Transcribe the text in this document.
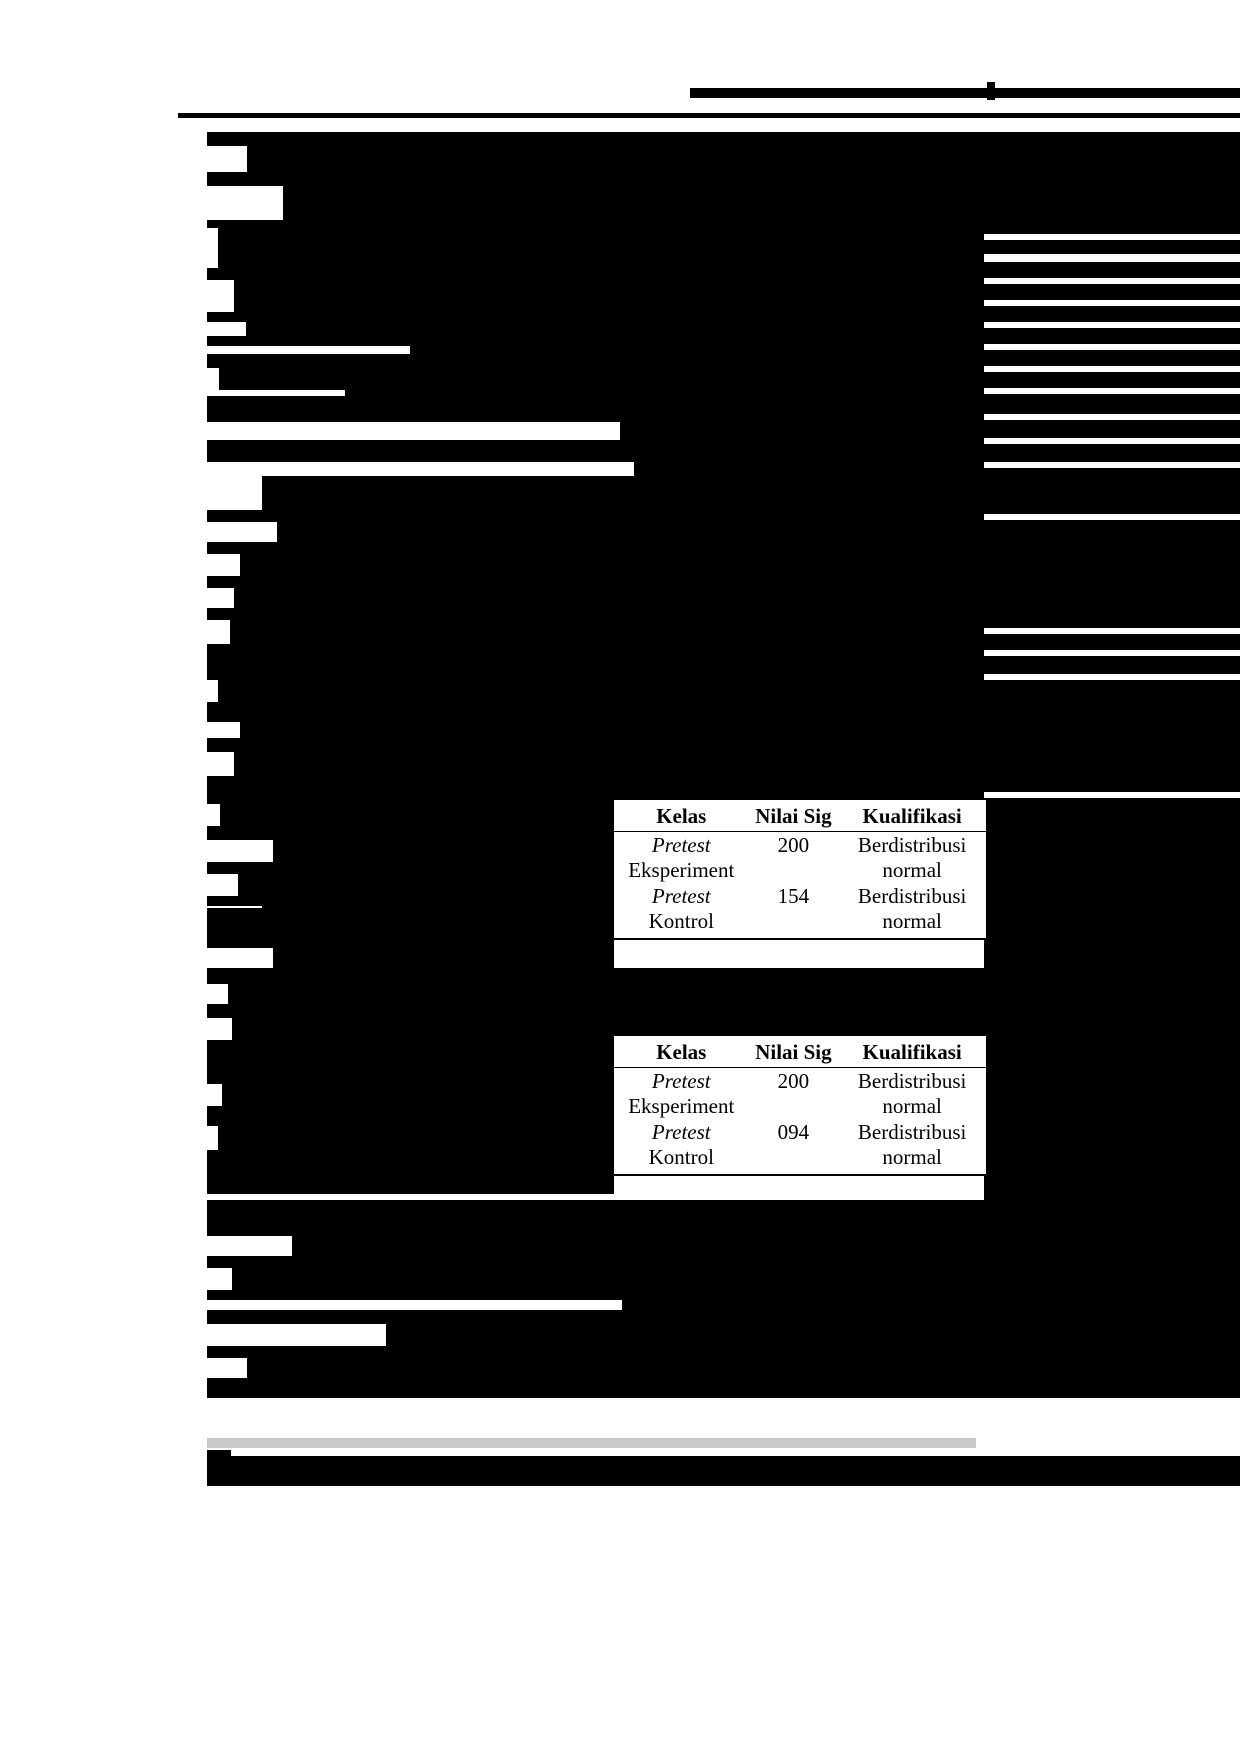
Kelas	Nilai Sig	Kualifikasi
Pretest
Eksperiment	200	Berdistribusi
normal
Pretest
Kontrol	154	Berdistribusi
normal
Kelas	Nilai Sig	Kualifikasi
Pretest
Eksperiment	200	Berdistribusi
normal
Pretest
Kontrol	094	Berdistribusi
normal
